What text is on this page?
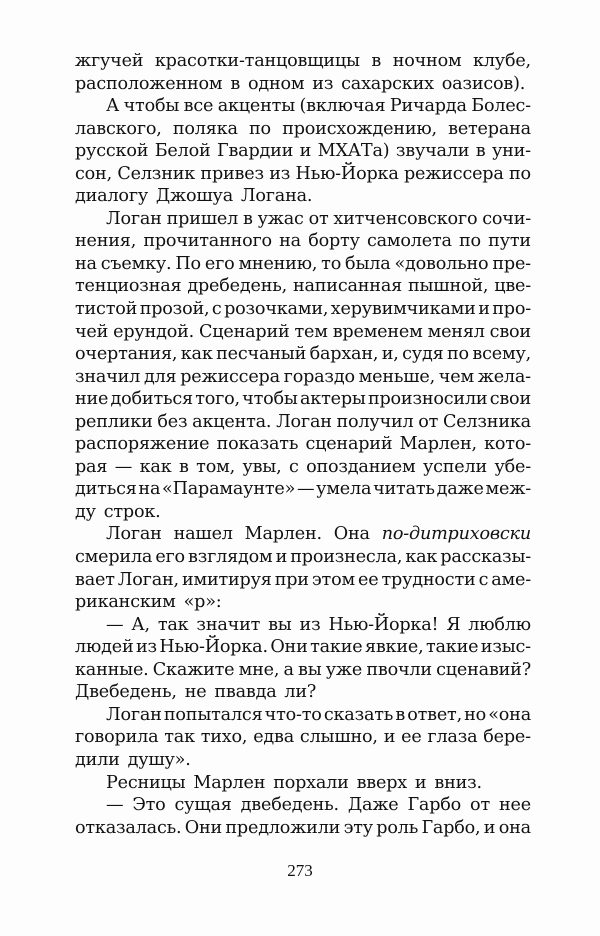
жгучей красотки-танцовщицы в ночном клубе,
расположенном в одном из сахарских оазисов).
А чтобы все акценты (включая Ричарда Болес-
лавского, поляка по происхождению, ветерана
русской Белой Гвардии и МХАТа) звучали в уни-
сон, Селзник привез из Нью-Йорка режиссера по
диалогу Джошуа Логана.
Логан пришел в ужас от хитченсовского сочи-
нения, прочитанного на борту самолета по пути
на съемку. По его мнению, то была «довольно пре-
тенциозная дребедень, написанная пышной, цве-
тистой прозой, с розочками, херувимчиками и про-
чей ерундой. Сценарий тем временем менял свои
очертания, как песчаный бархан, и, судя по всему,
значил для режиссера гораздо меньше, чем жела-
ние добиться того, чтобы актеры произносили свои
реплики без акцента. Логан получил от Селзника
распоряжение показать сценарий Марлен, кото-
рая — как в том, увы, с опозданием успели убе-
диться на «Парамаунте» — умела читать даже меж-
ду строк.
Логан нашел Марлен. Она по-дитриховски
смерила его взглядом и произнесла, как рассказы-
вает Логан, имитируя при этом ее трудности с аме-
риканским «р»:
— А, так значит вы из Нью-Йорка! Я люблю
людей из Нью-Йорка. Они такие явкие, такие изыс-
канные. Скажите мне, а вы уже пвочли сценавий?
Двебедень, не пвавда ли?
Логан попытался что-то сказать в ответ, но «она
говорила так тихо, едва слышно, и ее глаза бере-
дили душу».
Ресницы Марлен порхали вверх и вниз.
— Это сущая двебедень. Даже Гарбо от нее
отказалась. Они предложили эту роль Гарбо, и она
273
